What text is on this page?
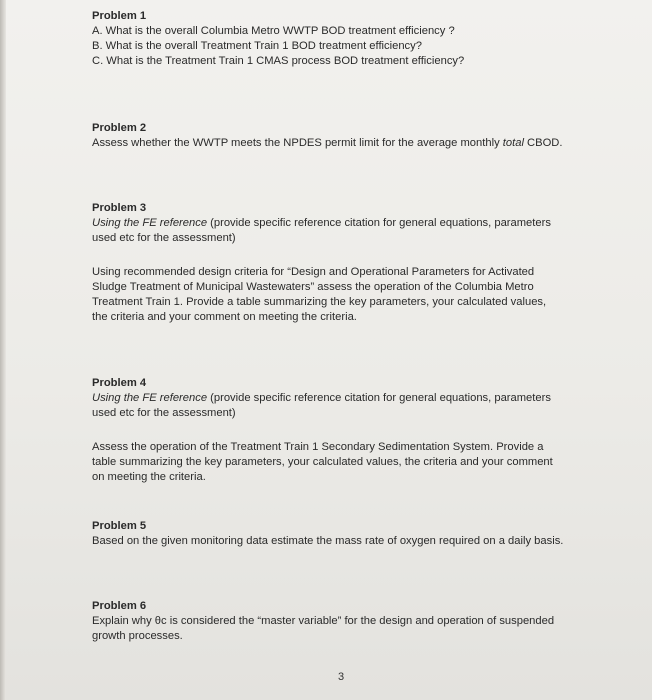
Problem 1

A. What is the overall Columbia Metro WWTP BOD treatment efficiency ?

B. What is the overall Treatment Train 1 BOD treatment efficiency?

C. What is the Treatment Train 1 CMAS process BOD treatment efficiency?

Problem 2

Assess whether the WWTP meets the NPDES permit limit for the average monthly total CBOD.

Problem 3

Using the FE reference (provide specific reference citation for general equations, parameters

used etc for the assessment)

Using recommended design criteria for “Design and Operational Parameters for Activated

Sludge Treatment of Municipal Wastewaters” assess the operation of the Columbia Metro

Treatment Train 1. Provide a table summarizing the key parameters, your calculated values,

the criteria and your comment on meeting the criteria.

Problem 4

Using the FE reference (provide specific reference citation for general equations, parameters

used etc for the assessment)

Assess the operation of the Treatment Train 1 Secondary Sedimentation System. Provide a

table summarizing the key parameters, your calculated values, the criteria and your comment

on meeting the criteria.

Problem 5

Based on the given monitoring data estimate the mass rate of oxygen required on a daily basis.

Problem 6

Explain why θc is considered the “master variable” for the design and operation of suspended

growth processes.

3
